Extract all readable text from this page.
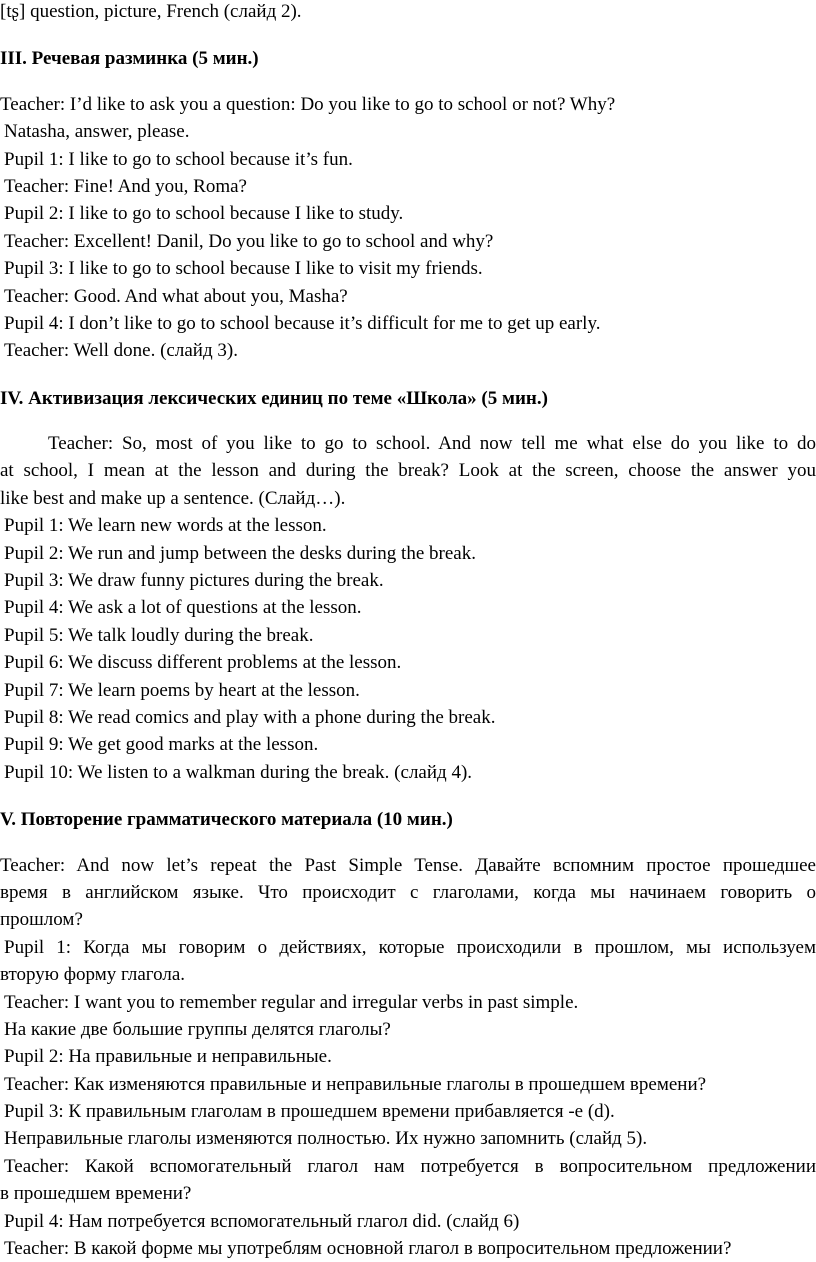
[tʂ] question, picture, French (слайд 2).
III. Речевая разминка (5 мин.)
Teacher: I’d like to ask you a question: Do you like to go to school or not? Why?
Natasha, answer, please.
Pupil 1: I like to go to school because it’s fun.
Teacher: Fine! And you, Roma?
Pupil 2: I like to go to school because I like to study.
Teacher: Excellent! Danil, Do you like to go to school and why?
Pupil 3: I like to go to school because I like to visit my friends.
Teacher: Good. And what about you, Masha?
Pupil 4: I don’t like to go to school because it’s difficult for me to get up early.
Teacher: Well done. (слайд 3).
IV. Активизация лексических единиц по теме «Школа» (5 мин.)
Teacher: So, most of you like to go to school. And now tell me what else do you like to do
at school, I mean at the lesson and during the break? Look at the screen, choose the answer you
like best and make up a sentence. (Слайд…).
Pupil 1: We learn new words at the lesson.
Pupil 2: We run and jump between the desks during the break.
Pupil 3: We draw funny pictures during the break.
Pupil 4: We ask a lot of questions at the lesson.
Pupil 5: We talk loudly during the break.
Pupil 6: We discuss different problems at the lesson.
Pupil 7: We learn poems by heart at the lesson.
Pupil 8: We read comics and play with a phone during the break.
Pupil 9: We get good marks at the lesson.
Pupil 10: We listen to a walkman during the break. (слайд 4).
V. Повторение грамматического материала (10 мин.)
Teacher: And now let’s repeat the Past Simple Tense. Давайте вспомним простое прошедшее
время в английском языке. Что происходит с глаголами, когда мы начинаем говорить о
прошлом?
Pupil 1: Когда мы говорим о действиях, которые происходили в прошлом, мы используем
вторую форму глагола.
Teacher: I want you to remember regular and irregular verbs in past simple.
На какие две большие группы делятся глаголы?
Pupil 2: На правильные и неправильные.
Teacher: Как изменяются правильные и неправильные глаголы в прошедшем времени?
Pupil 3: К правильным глаголам в прошедшем времени прибавляется -e (d).
Неправильные глаголы изменяются полностью. Их нужно запомнить (слайд 5).
Teacher: Какой вспомогательный глагол нам потребуется в вопросительном предложении
в прошедшем времени?
Pupil 4: Нам потребуется вспомогательный глагол did. (слайд 6)
Teacher: В какой форме мы употреблям основной глагол в вопросительном предложении?
